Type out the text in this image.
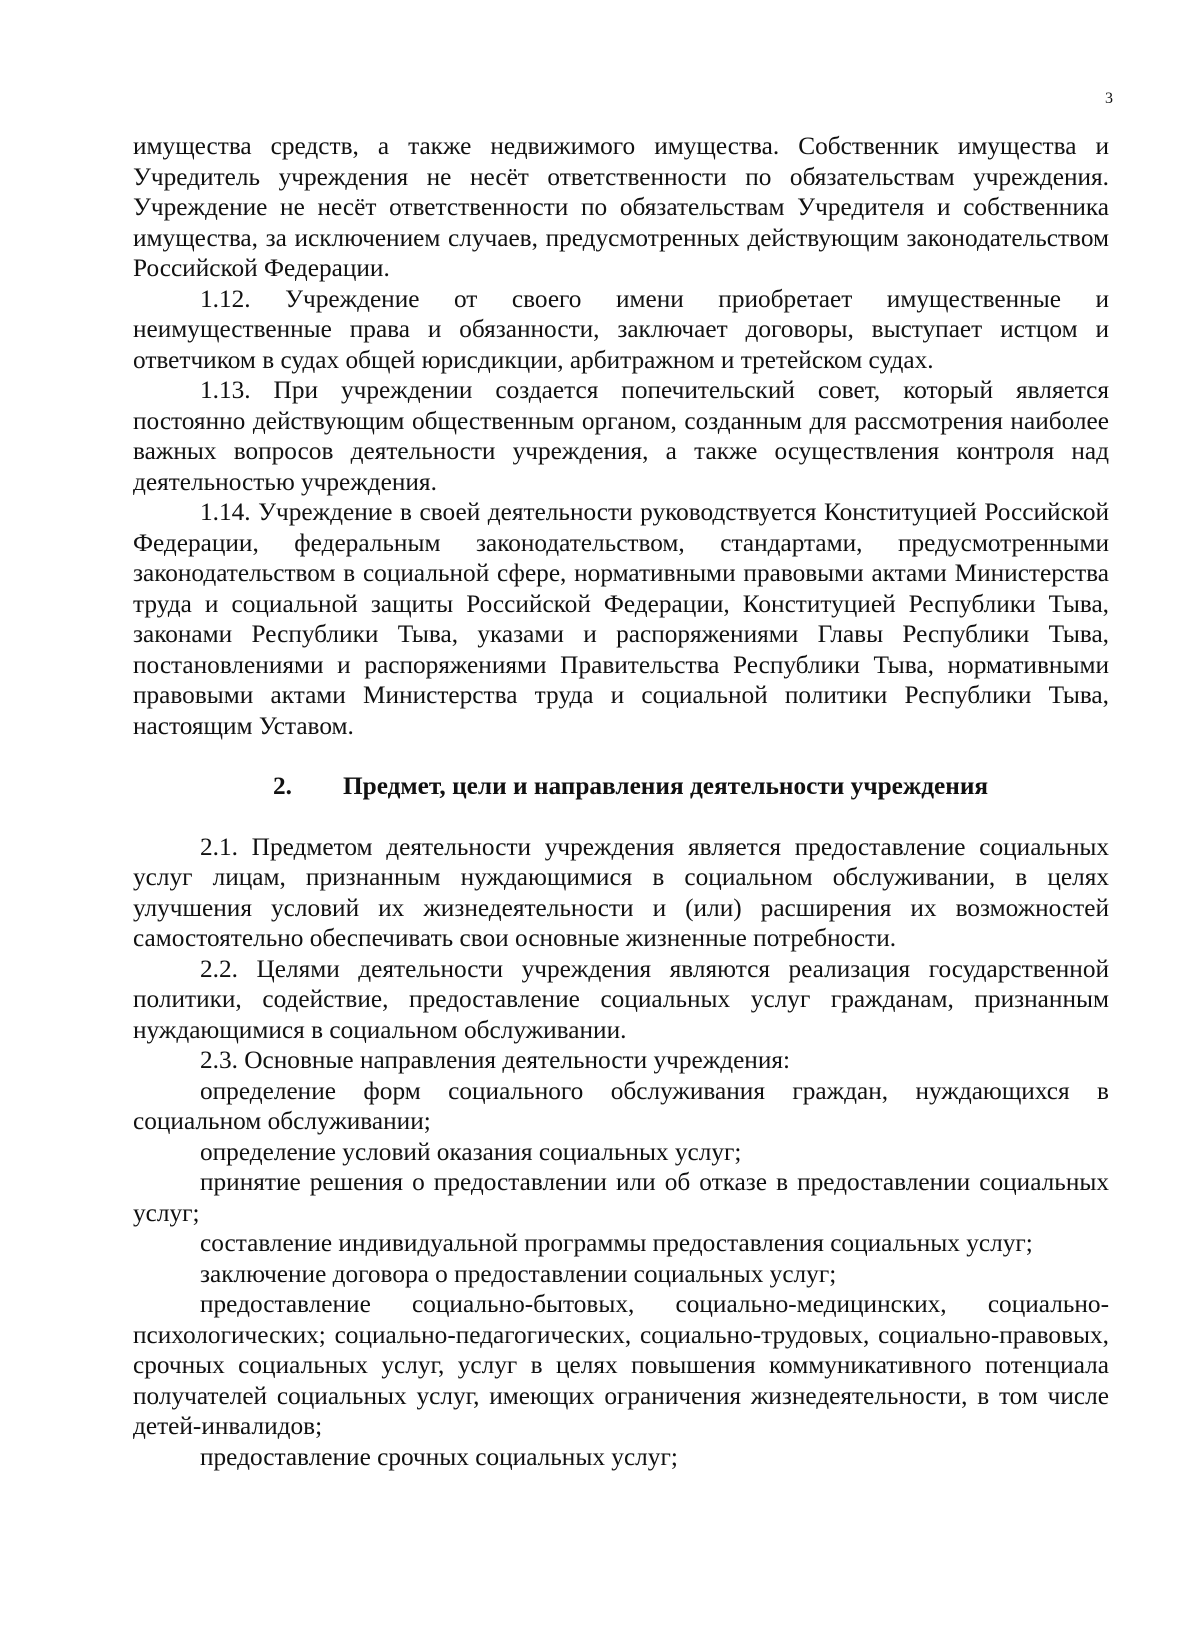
3

имущества средств, а также недвижимого имущества. Собственник имущества и Учредитель учреждения не несёт ответственности по обязательствам учреждения. Учреждение не несёт ответственности по обязательствам Учредителя и собственника имущества, за исключением случаев, предусмотренных действующим законодательством Российской Федерации.

1.12. Учреждение от своего имени приобретает имущественные и неимущественные права и обязанности, заключает договоры, выступает истцом и ответчиком в судах общей юрисдикции, арбитражном и третейском судах.

1.13. При учреждении создается попечительский совет, который является постоянно действующим общественным органом, созданным для рассмотрения наиболее важных вопросов деятельности учреждения, а также осуществления контроля над деятельностью учреждения.

1.14. Учреждение в своей деятельности руководствуется Конституцией Российской Федерации, федеральным законодательством, стандартами, предусмотренными законодательством в социальной сфере, нормативными правовыми актами Министерства труда и социальной защиты Российской Федерации, Конституцией Республики Тыва, законами Республики Тыва, указами и распоряжениями Главы Республики Тыва, постановлениями и распоряжениями Правительства Республики Тыва, нормативными правовыми актами Министерства труда и социальной политики Республики Тыва, настоящим Уставом.

2. Предмет, цели и направления деятельности учреждения

2.1. Предметом деятельности учреждения является предоставление социальных услуг лицам, признанным нуждающимися в социальном обслуживании, в целях улучшения условий их жизнедеятельности и (или) расширения их возможностей самостоятельно обеспечивать свои основные жизненные потребности.

2.2. Целями деятельности учреждения являются реализация государственной политики, содействие, предоставление социальных услуг гражданам, признанным нуждающимися в социальном обслуживании.

2.3. Основные направления деятельности учреждения:

определение форм социального обслуживания граждан, нуждающихся в социальном обслуживании;

определение условий оказания социальных услуг;

принятие решения о предоставлении или об отказе в предоставлении социальных услуг;

составление индивидуальной программы предоставления социальных услуг;

заключение договора о предоставлении социальных услуг;

предоставление социально-бытовых, социально-медицинских, социально-психологических; социально-педагогических, социально-трудовых, социально-правовых, срочных социальных услуг, услуг в целях повышения коммуникативного потенциала получателей социальных услуг, имеющих ограничения жизнедеятельности, в том числе детей-инвалидов;

предоставление срочных социальных услуг;
